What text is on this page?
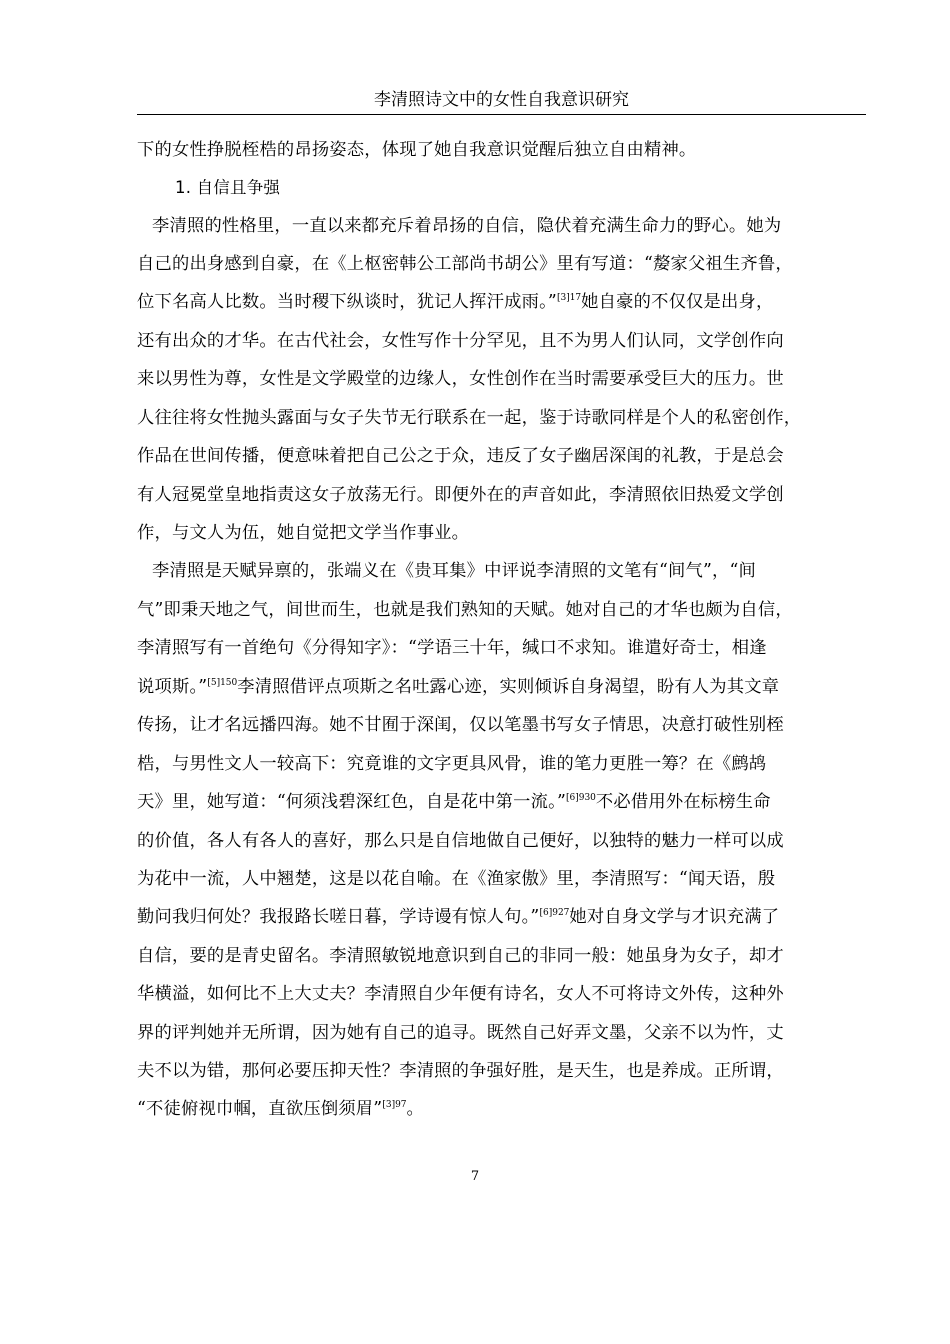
李清照诗文中的女性自我意识研究
下的女性挣脱桎梏的昂扬姿态，体现了她自我意识觉醒后独立自由精神。
1. 自信且争强
李清照的性格里，一直以来都充斥着昂扬的自信，隐伏着充满生命力的野心。她为
自己的出身感到自豪，在《上枢密韩公工部尚书胡公》里有写道：“嫠家父祖生齐鲁，
位下名高人比数。当时稷下纵谈时，犹记人挥汗成雨。”$^{[3]17}$她自豪的不仅仅是出身，
还有出众的才华。在古代社会，女性写作十分罕见，且不为男人们认同，文学创作向
来以男性为尊，女性是文学殿堂的边缘人，女性创作在当时需要承受巨大的压力。世
人往往将女性抛头露面与女子失节无行联系在一起，鉴于诗歌同样是个人的私密创作，
作品在世间传播，便意味着把自己公之于众，违反了女子幽居深闺的礼教，于是总会
有人冠冕堂皇地指责这女子放荡无行。即便外在的声音如此，李清照依旧热爱文学创
作，与文人为伍，她自觉把文学当作事业。
李清照是天赋异禀的，张端义在《贵耳集》中评说李清照的文笔有“间气”，“间
气”即秉天地之气，间世而生，也就是我们熟知的天赋。她对自己的才华也颇为自信，
李清照写有一首绝句《分得知字》：“学语三十年，缄口不求知。谁遣好奇士，相逢
说项斯。”$^{[5]150}$李清照借评点项斯之名吐露心迹，实则倾诉自身渴望，盼有人为其文章
传扬，让才名远播四海。她不甘囿于深闺，仅以笔墨书写女子情思，决意打破性别桎
梏，与男性文人一较高下：究竟谁的文字更具风骨，谁的笔力更胜一筹？在《鹧鸪
天》里，她写道：“何须浅碧深红色，自是花中第一流。”$^{[6]930}$不必借用外在标榜生命
的价值，各人有各人的喜好，那么只是自信地做自己便好，以独特的魅力一样可以成
为花中一流，人中翘楚，这是以花自喻。在《渔家傲》里，李清照写：“闻天语，殷
勤问我归何处？我报路长嗟日暮，学诗谩有惊人句。”$^{[6]927}$她对自身文学与才识充满了
自信，要的是青史留名。李清照敏锐地意识到自己的非同一般：她虽身为女子，却才
华横溢，如何比不上大丈夫？李清照自少年便有诗名，女人不可将诗文外传，这种外
界的评判她并无所谓，因为她有自己的追寻。既然自己好弄文墨，父亲不以为忤，丈
夫不以为错，那何必要压抑天性？李清照的争强好胜，是天生，也是养成。正所谓，
“不徒俯视巾帼，直欲压倒须眉”$^{[3]97}$。
7
